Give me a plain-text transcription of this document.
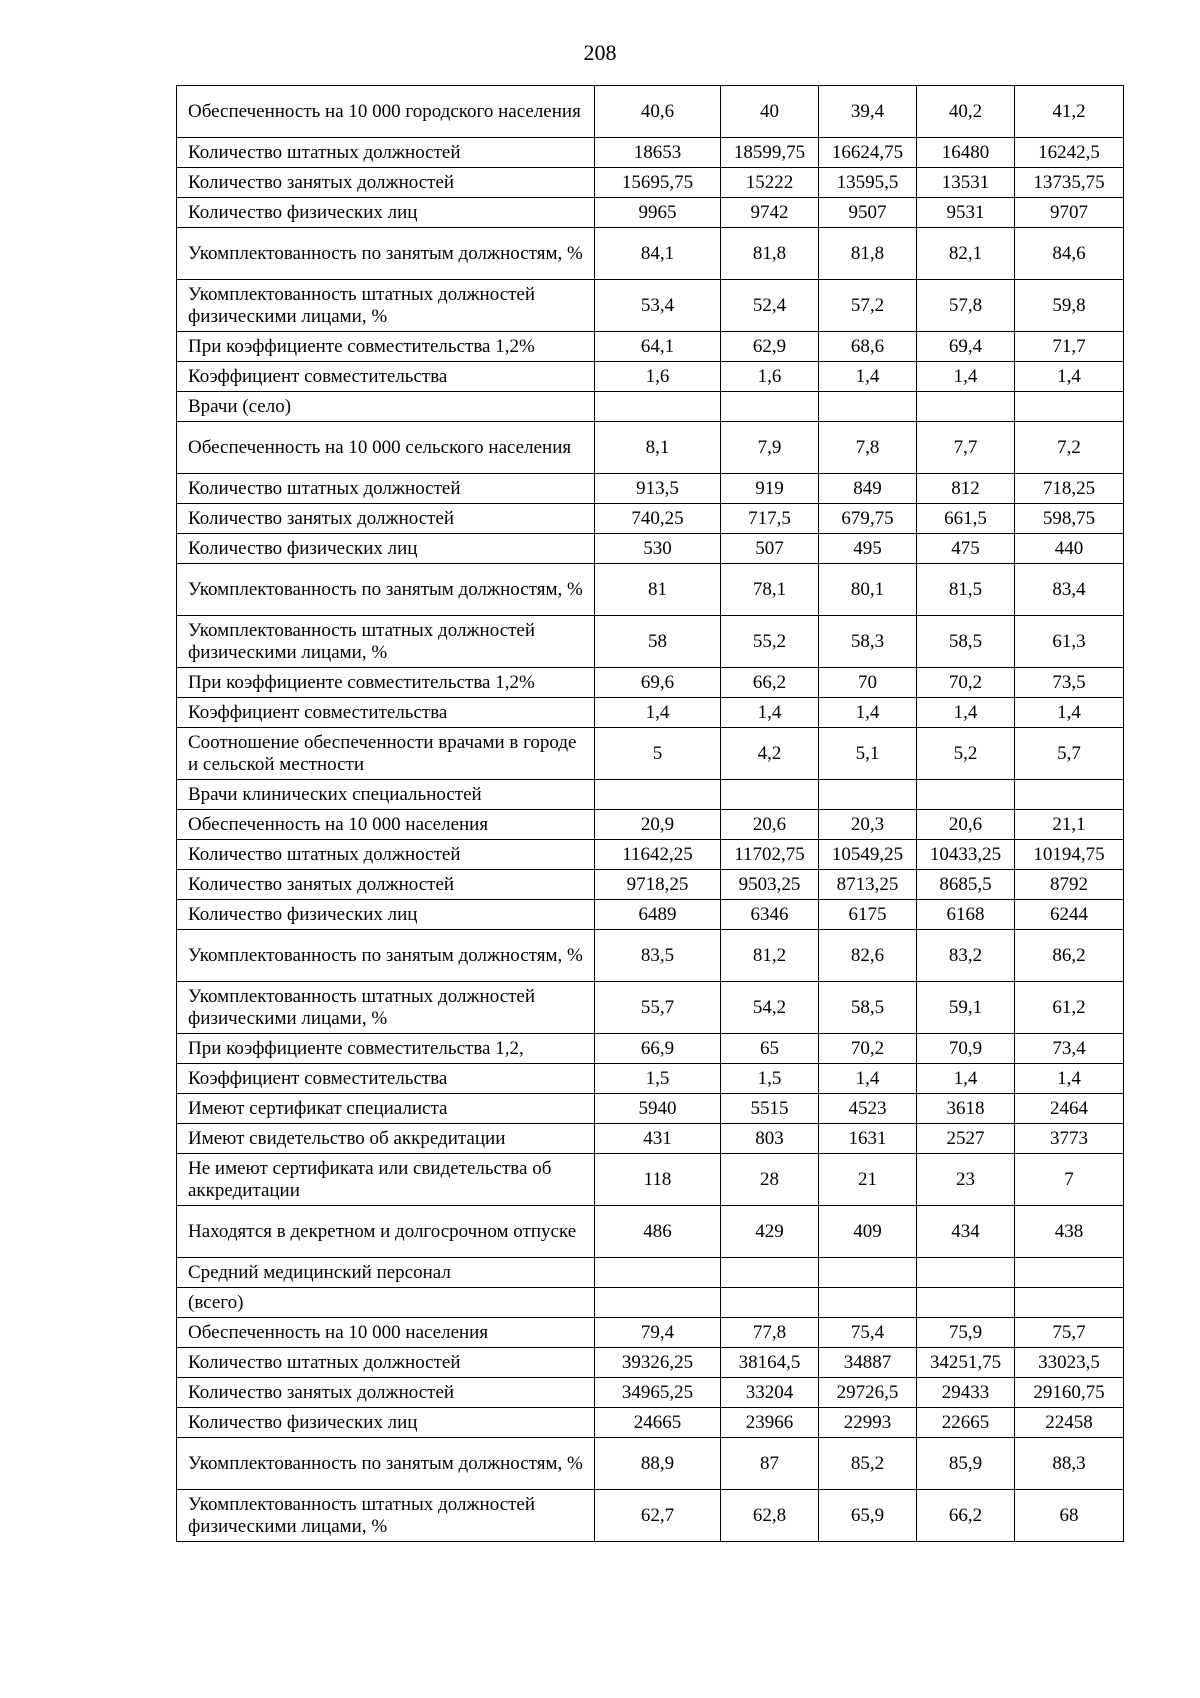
208
Обеспеченность на 10 000 городского населения	40,6	40	39,4	40,2	41,2
Количество штатных должностей	18653	18599,75	16624,75	16480	16242,5
Количество занятых должностей	15695,75	15222	13595,5	13531	13735,75
Количество физических лиц	9965	9742	9507	9531	9707
Укомплектованность по занятым должностям, %	84,1	81,8	81,8	82,1	84,6
Укомплектованность штатных должностей физическими лицами, %	53,4	52,4	57,2	57,8	59,8
При коэффициенте совместительства 1,2%	64,1	62,9	68,6	69,4	71,7
Коэффициент совместительства	1,6	1,6	1,4	1,4	1,4
Врачи (село)					
Обеспеченность на 10 000 сельского населения	8,1	7,9	7,8	7,7	7,2
Количество штатных должностей	913,5	919	849	812	718,25
Количество занятых должностей	740,25	717,5	679,75	661,5	598,75
Количество физических лиц	530	507	495	475	440
Укомплектованность по занятым должностям, %	81	78,1	80,1	81,5	83,4
Укомплектованность штатных должностей физическими лицами, %	58	55,2	58,3	58,5	61,3
При коэффициенте совместительства 1,2%	69,6	66,2	70	70,2	73,5
Коэффициент совместительства	1,4	1,4	1,4	1,4	1,4
Соотношение обеспеченности врачами в городе и сельской местности	5	4,2	5,1	5,2	5,7
Врачи клинических специальностей					
Обеспеченность на 10 000 населения	20,9	20,6	20,3	20,6	21,1
Количество штатных должностей	11642,25	11702,75	10549,25	10433,25	10194,75
Количество занятых должностей	9718,25	9503,25	8713,25	8685,5	8792
Количество физических лиц	6489	6346	6175	6168	6244
Укомплектованность по занятым должностям, %	83,5	81,2	82,6	83,2	86,2
Укомплектованность штатных должностей физическими лицами, %	55,7	54,2	58,5	59,1	61,2
При коэффициенте совместительства 1,2,	66,9	65	70,2	70,9	73,4
Коэффициент совместительства	1,5	1,5	1,4	1,4	1,4
Имеют сертификат специалиста	5940	5515	4523	3618	2464
Имеют свидетельство об аккредитации	431	803	1631	2527	3773
Не имеют сертификата или свидетельства об аккредитации	118	28	21	23	7
Находятся в декретном и долгосрочном отпуске	486	429	409	434	438
Средний медицинский персонал					
(всего)					
Обеспеченность на 10 000 населения	79,4	77,8	75,4	75,9	75,7
Количество штатных должностей	39326,25	38164,5	34887	34251,75	33023,5
Количество занятых должностей	34965,25	33204	29726,5	29433	29160,75
Количество физических лиц	24665	23966	22993	22665	22458
Укомплектованность по занятым должностям, %	88,9	87	85,2	85,9	88,3
Укомплектованность штатных должностей физическими лицами, %	62,7	62,8	65,9	66,2	68
